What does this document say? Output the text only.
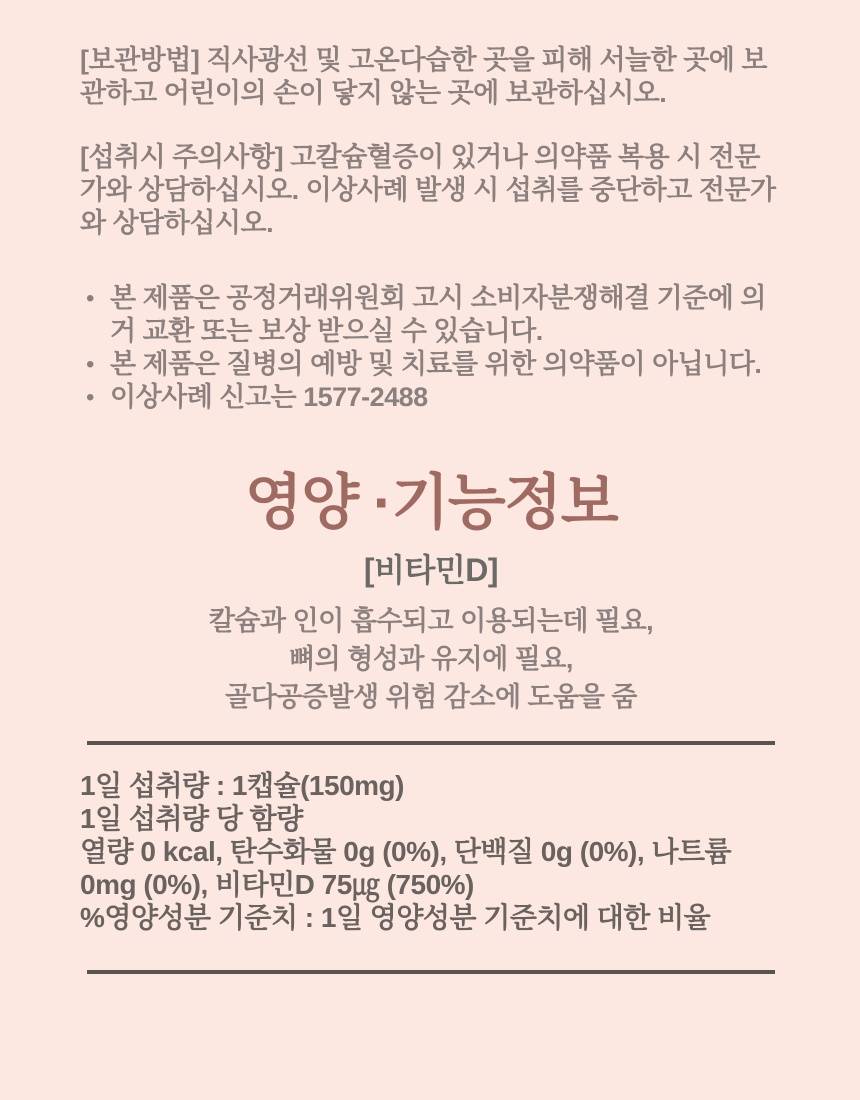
[보관방법] 직사광선 및 고온다습한 곳을 피해 서늘한 곳에 보관하고 어린이의 손이 닿지 않는 곳에 보관하십시오.

[섭취시 주의사항] 고칼슘혈증이 있거나 의약품 복용 시 전문가와 상담하십시오. 이상사례 발생 시 섭취를 중단하고 전문가와 상담하십시오.

• 본 제품은 공정거래위원회 고시 소비자분쟁해결 기준에 의거 교환 또는 보상 받으실 수 있습니다.
• 본 제품은 질병의 예방 및 치료를 위한 의약품이 아닙니다.
• 이상사례 신고는 1577-2488
영양 ·기능정보
[비타민D]
칼슘과 인이 흡수되고 이용되는데 필요,
뼈의 형성과 유지에 필요,
골다공증발생 위험 감소에 도움을 줌

1일 섭취량 : 1캡슐(150mg)

1일 섭취량 당 함량

열량 0 kcal, 탄수화물 0g (0%), 단백질 0g (0%), 나트륨 0mg (0%), 비타민D 75㎍ (750%)

%영양성분 기준치 : 1일 영양성분 기준치에 대한 비율
